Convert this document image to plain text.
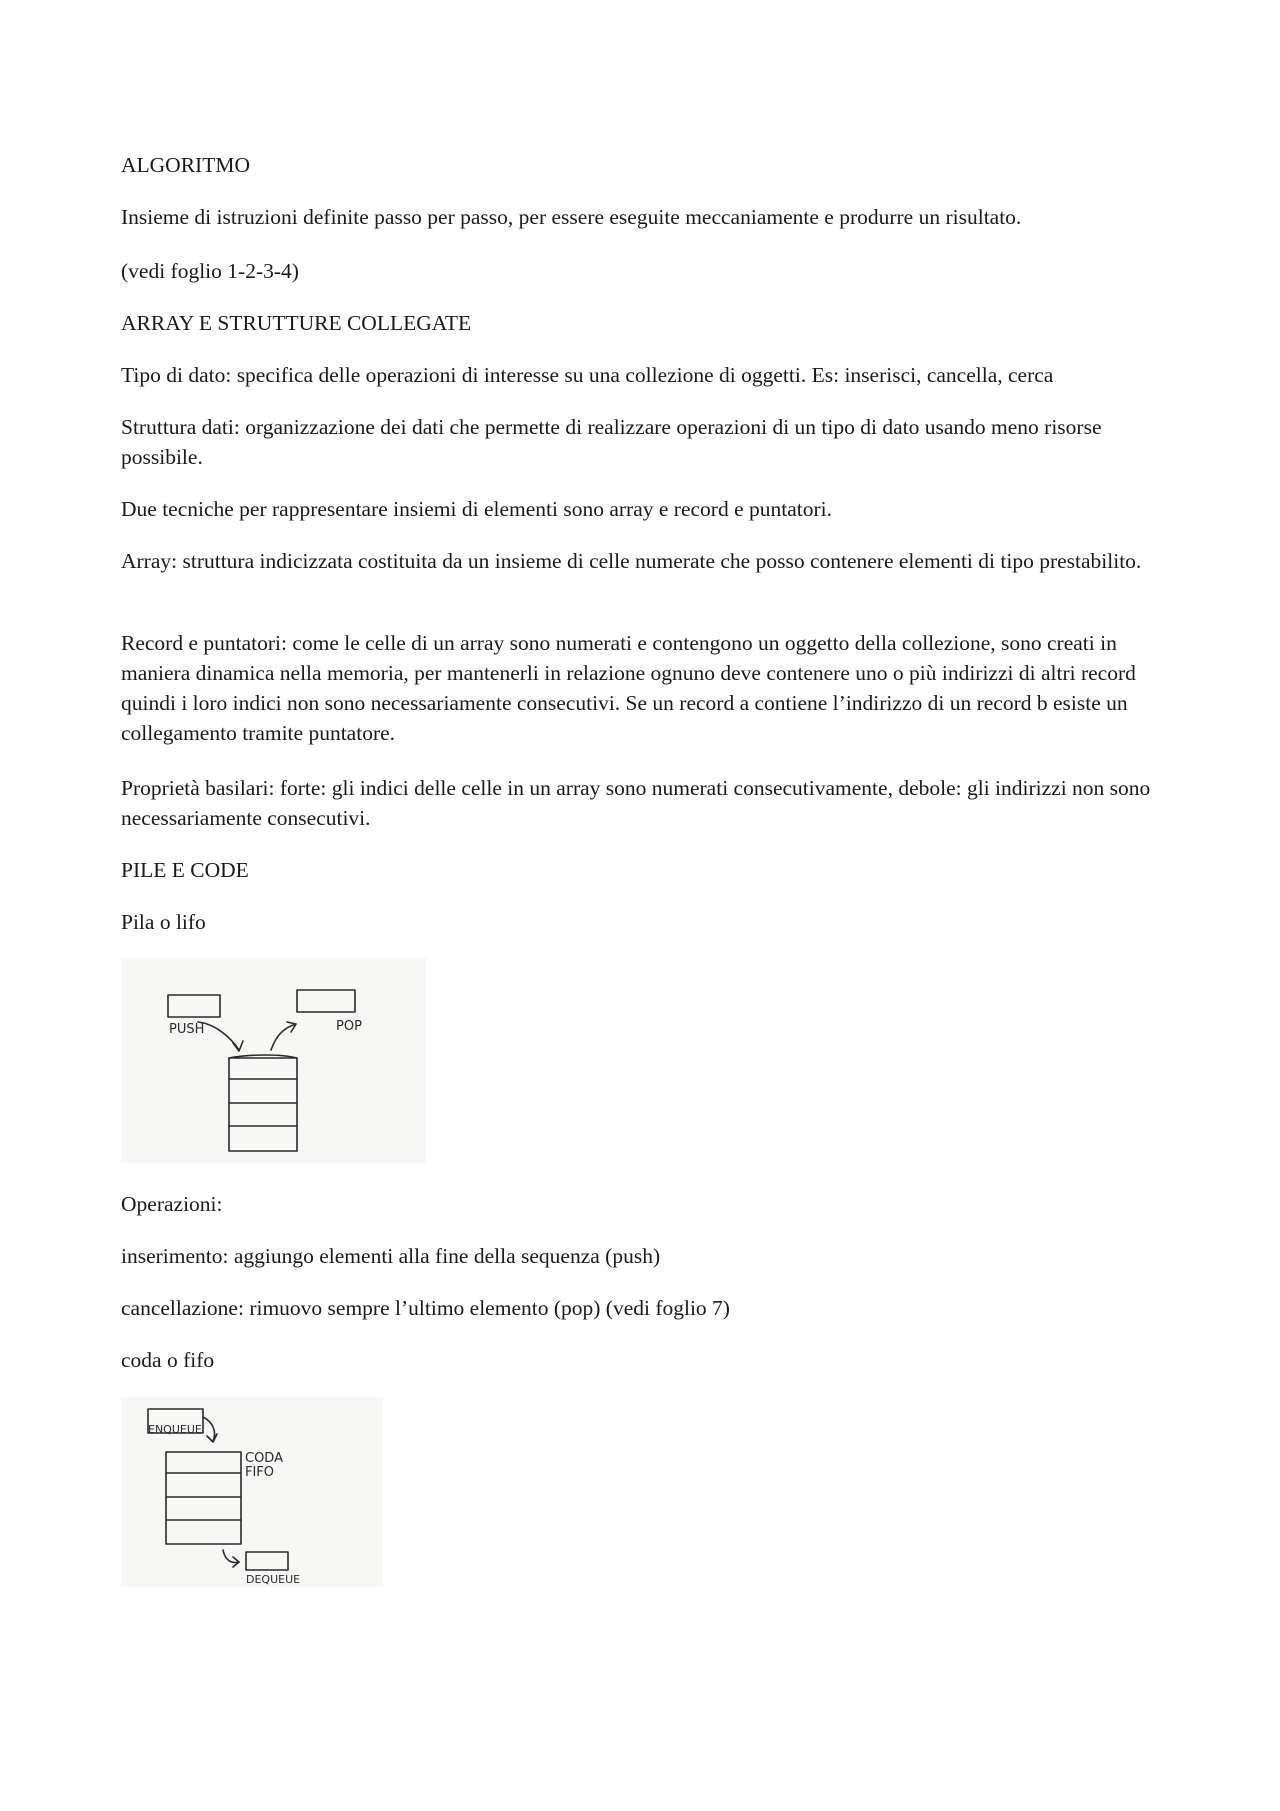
ALGORITMO

Insieme di istruzioni definite passo per passo, per essere eseguite meccaniamente e produrre un risultato.

(vedi foglio 1-2-3-4)

ARRAY E STRUTTURE COLLEGATE

Tipo di dato: specifica delle operazioni di interesse su una collezione di oggetti. Es: inserisci, cancella, cerca

Struttura dati: organizzazione dei dati che permette di realizzare operazioni di un tipo di dato usando meno risorse possibile.

Due tecniche per rappresentare insiemi di elementi sono array e record e puntatori.

Array: struttura indicizzata costituita da un insieme di celle numerate che posso contenere elementi di tipo prestabilito.

Record e puntatori: come le celle di un array sono numerati e contengono un oggetto della collezione, sono creati in maniera dinamica nella memoria, per mantenerli in relazione ognuno deve contenere uno o più indirizzi di altri record quindi i loro indici non sono necessariamente consecutivi. Se un record a contiene l’indirizzo di un record b esiste un collegamento tramite puntatore.

Proprietà basilari: forte: gli indici delle celle in un array sono numerati consecutivamente, debole: gli indirizzi non sono necessariamente consecutivi.

PILE E CODE

Pila o lifo

PUSH	POP

Operazioni:

inserimento: aggiungo elementi alla fine della sequenza (push)

cancellazione: rimuovo sempre l’ultimo elemento (pop) (vedi foglio 7)

coda o fifo

ENQUEUE
CODA
FIFO
DEQUEUE
